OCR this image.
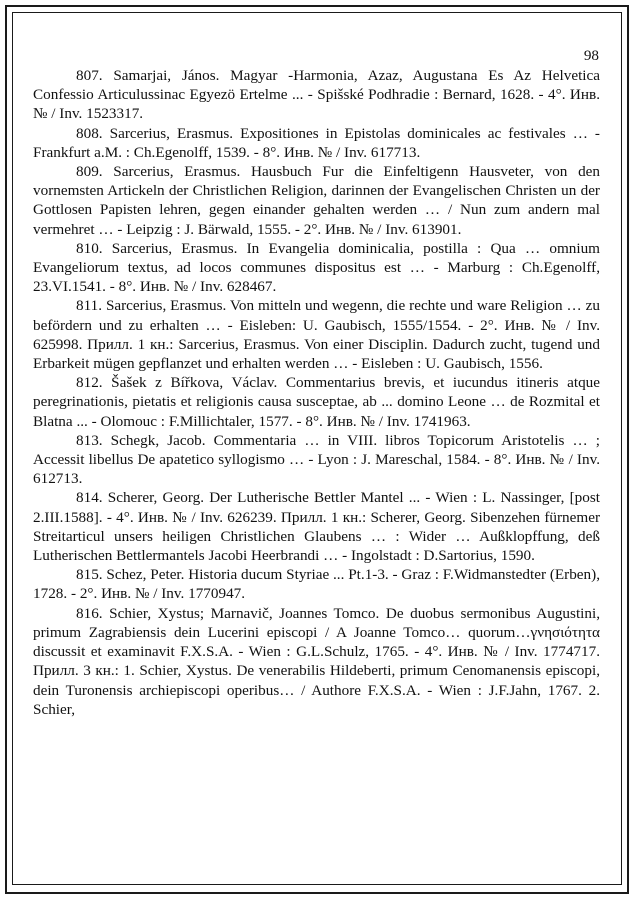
98

807. Samarjai, János. Magyar -Harmonia, Azaz, Augustana Es Az Helvetica Confessio Articulussinac Egyezö Ertelme ... - Spišské Podhradie : Bernard, 1628. - 4°. Инв. № / Inv. 1523317.

808. Sarcerius, Erasmus. Expositiones in Epistolas dominicales ac festivales … - Frankfurt a.M. : Ch.Egenolff, 1539. - 8°. Инв. № / Inv. 617713.

809. Sarcerius, Erasmus. Hausbuch Fur die Einfeltigenn Hausveter, von den vornemsten Artickeln der Christlichen Religion, darinnen der Evangelischen Christen un der Gottlosen Papisten lehren, gegen einander gehalten werden … / Nun zum andern mal vermehret … - Leipzig : J. Bärwald, 1555. - 2°. Инв. № / Inv. 613901.

810. Sarcerius, Erasmus. In Evangelia dominicalia, postilla : Qua … omnium Evangeliorum textus, ad locos communes dispositus est … - Marburg : Ch.Egenolff, 23.VI.1541. - 8°. Инв. № / Inv. 628467.

811. Sarcerius, Erasmus. Von mitteln und wegenn, die rechte und ware Religion … zu befördern und zu erhalten … - Eisleben: U. Gaubisch, 1555/1554. - 2°. Инв. № / Inv. 625998. Прилл. 1 кн.: Sarcerius, Erasmus. Von einer Disciplin. Dadurch zucht, tugend und Erbarkeit mügen gepflanzet und erhalten werden … - Eisleben : U. Gaubisch, 1556.

812. Šašek z Bířkova, Václav. Commentarius brevis, et iucundus itineris atque peregrinationis, pietatis et religionis causa susceptae, ab ... domino Leone … de Rozmital et Blatna ... - Olomouc : F.Millichtaler, 1577. - 8°. Инв. № / Inv. 1741963.

813. Schegk, Jacob. Commentaria … in VIII. libros Topicorum Aristotelis … ; Accessit libellus De apatetico syllogismo … - Lyon : J. Mareschal, 1584. - 8°. Инв. № / Inv. 612713.

814. Scherer, Georg. Der Lutherische Bettler Mantel ... - Wien : L. Nassinger, [post 2.III.1588]. - 4°. Инв. № / Inv. 626239. Прилл. 1 кн.: Scherer, Georg. Sibenzehen fürnemer Streitarticul unsers heiligen Christlichen Glaubens … : Wider … Außklopffung, deß Lutherischen Bettlermantels Jacobi Heerbrandi … - Ingolstadt : D.Sartorius, 1590.

815. Schez, Peter. Historia ducum Styriae ... Pt.1-3. - Graz : F.Widmanstedter (Erben), 1728. - 2°. Инв. № / Inv. 1770947.

816. Schier, Xystus; Marnavič, Joannes Tomco. De duobus sermonibus Augustini, primum Zagrabiensis dein Lucerini episcopi / A Joanne Tomco… quorum…γνησιότητα discussit et examinavit F.X.S.A. - Wien : G.L.Schulz, 1765. - 4°. Инв. № / Inv. 1774717. Прилл. 3 кн.: 1. Schier, Xystus. De venerabilis Hildeberti, primum Cenomanensis episcopi, dein Turonensis archiepiscopi operibus… / Authore F.X.S.A. - Wien : J.F.Jahn, 1767. 2. Schier,
